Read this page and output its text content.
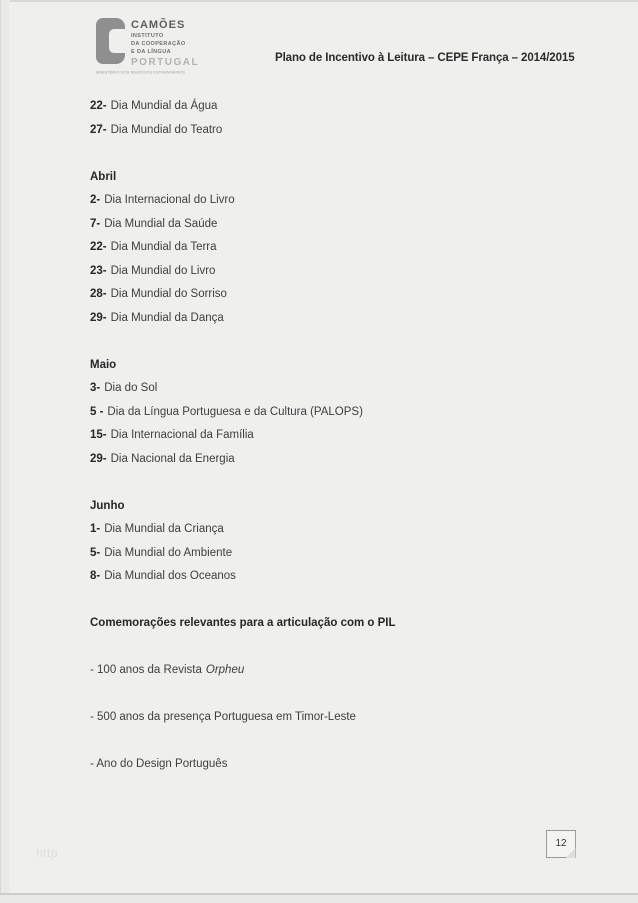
CAMÕES
INSTITUTO
DA COOPERAÇÃO
E DA LÍNGUA
PORTUGAL
MINISTÉRIO DOS NEGÓCIOS ESTRANGEIROS
Plano de Incentivo à Leitura – CEPE França – 2014/2015
22- Dia Mundial da Água
27- Dia Mundial do Teatro
Abril
2- Dia Internacional do Livro
7- Dia Mundial da Saúde
22- Dia Mundial da Terra
23- Dia Mundial do Livro
28- Dia Mundial do Sorriso
29- Dia Mundial da Dança
Maio
3- Dia do Sol
5 - Dia da Língua Portuguesa e da Cultura (PALOPS)
15- Dia Internacional da Família
29- Dia Nacional da Energia
Junho
1- Dia Mundial da Criança
5- Dia Mundial do Ambiente
8- Dia Mundial dos Oceanos
Comemorações relevantes para a articulação com o PIL
- 100 anos da Revista Orpheu
- 500 anos da presença Portuguesa em Timor-Leste
- Ano do Design Português
12
http
